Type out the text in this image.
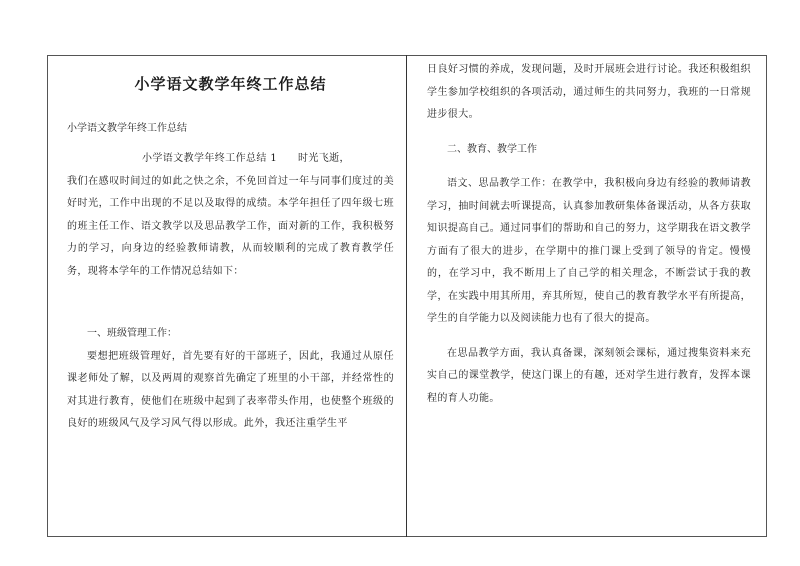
小学语文教学年终工作总结

小学语文教学年终工作总结

小学语文教学年终工作总结 1　　时光飞逝，

我们在感叹时间过的如此之快之余，不免回首过一年与同事们度过的美好时光，工作中出现的不足以及取得的成绩。本学年担任了四年级七班的班主任工作、语文教学以及思品教学工作，面对新的工作，我积极努力的学习，向身边的经验教师请教，从而较顺利的完成了教育教学任务，现将本学年的工作情况总结如下：

一、班级管理工作：

要想把班级管理好，首先要有好的干部班子，因此，我通过从原任课老师处了解，以及两周的观察首先确定了班里的小干部，并经常性的对其进行教育，使他们在班级中起到了表率带头作用，也使整个班级的良好的班级风气及学习风气得以形成。此外，我还注重学生平

日良好习惯的养成，发现问题，及时开展班会进行讨论。我还积极组织学生参加学校组织的各项活动，通过师生的共同努力，我班的一日常规进步很大。

二、教育、教学工作

语文、思品教学工作：在教学中，我积极向身边有经验的教师请教学习，抽时间就去听课提高，认真参加教研集体备课活动，从各方获取知识提高自己。通过同事们的帮助和自己的努力，这学期我在语文教学方面有了很大的进步，在学期中的推门课上受到了领导的肯定。慢慢的，在学习中，我不断用上了自己学的相关理念，不断尝试于我的教学，在实践中用其所用，弃其所短，使自己的教育教学水平有所提高，学生的自学能力以及阅读能力也有了很大的提高。

在思品教学方面，我认真备课，深刻领会课标，通过搜集资料来充实自己的课堂教学，使这门课上的有趣，还对学生进行教育，发挥本课程的育人功能。
